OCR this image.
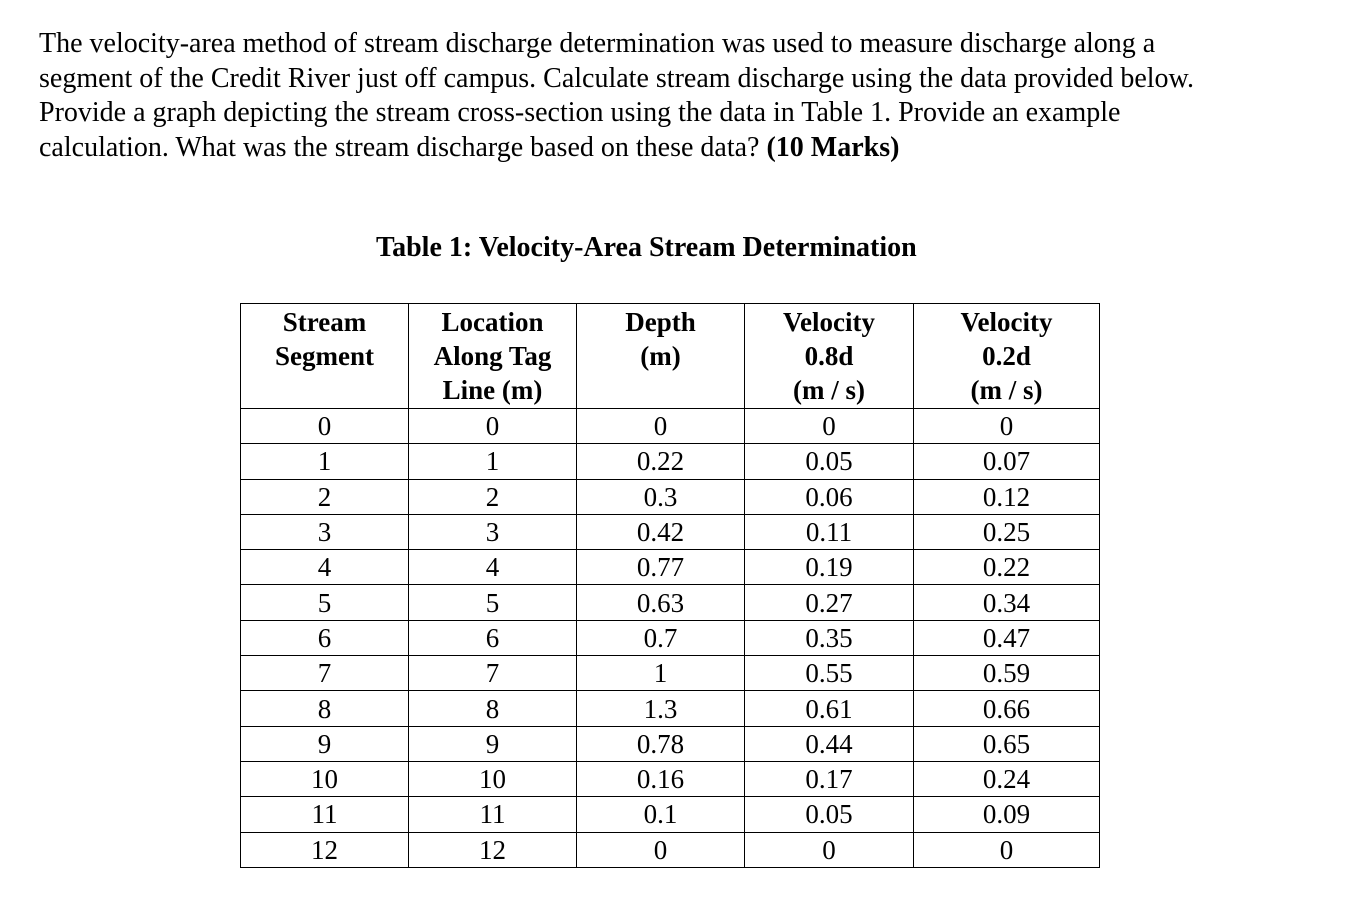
The velocity-area method of stream discharge determination was used to measure discharge along a
segment of the Credit River just off campus. Calculate stream discharge using the data provided below.
Provide a graph depicting the stream cross-section using the data in Table 1. Provide an example
calculation. What was the stream discharge based on these data? (10 Marks)
Table 1: Velocity-Area Stream Determination
Stream
Segment	Location
Along Tag
Line (m)	Depth
(m)	Velocity
0.8d
(m / s)	Velocity
0.2d
(m / s)

0	0	0	0	0
1	1	0.22	0.05	0.07
2	2	0.3	0.06	0.12
3	3	0.42	0.11	0.25
4	4	0.77	0.19	0.22
5	5	0.63	0.27	0.34
6	6	0.7	0.35	0.47
7	7	1	0.55	0.59
8	8	1.3	0.61	0.66
9	9	0.78	0.44	0.65
10	10	0.16	0.17	0.24
11	11	0.1	0.05	0.09
12	12	0	0	0
